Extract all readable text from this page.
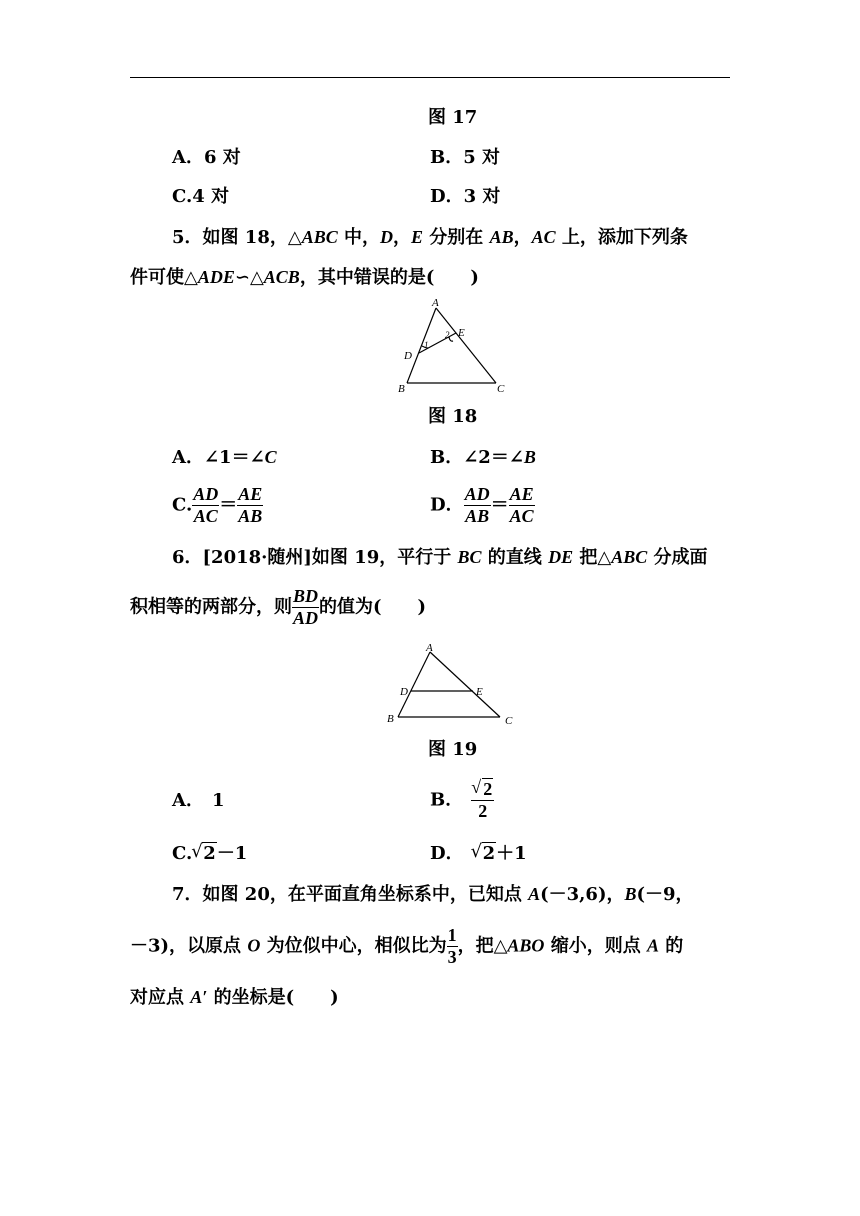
图 17
A．6 对	B．5 对
C.4 对	D．3 对
5．如图 18，△ABC 中，D，E 分别在 AB，AC 上，添加下列条
件可使△ADE∽△ACB，其中错误的是(　　)
A
B	C
D
E
1
2
图 18
A．∠1＝∠C	B．∠2＝∠B
C. $\frac{AD}{AC} = \frac{AE}{AB}$	D． $\frac{AD}{AB} = \frac{AE}{AC}$
6．[2018·随州]如图 19，平行于 BC 的直线 DE 把△ABC 分成面
积相等的两部分，则 $\frac{BD}{AD}$ 的值为(　　)
A
B	C
D	E
图 19
A． 1	B． √ $\frac{2}{2}$
C. √ 2－1	D． √ 2＋1
7．如图 20，在平面直角坐标系中，已知点 A(－3,6)，B(－9，
－3)，以原点 O 为位似中心，相似比为 $\frac{1}{3}$ ，把△ABO 缩小，则点 A 的
对应点 A′ 的坐标是(　　)
